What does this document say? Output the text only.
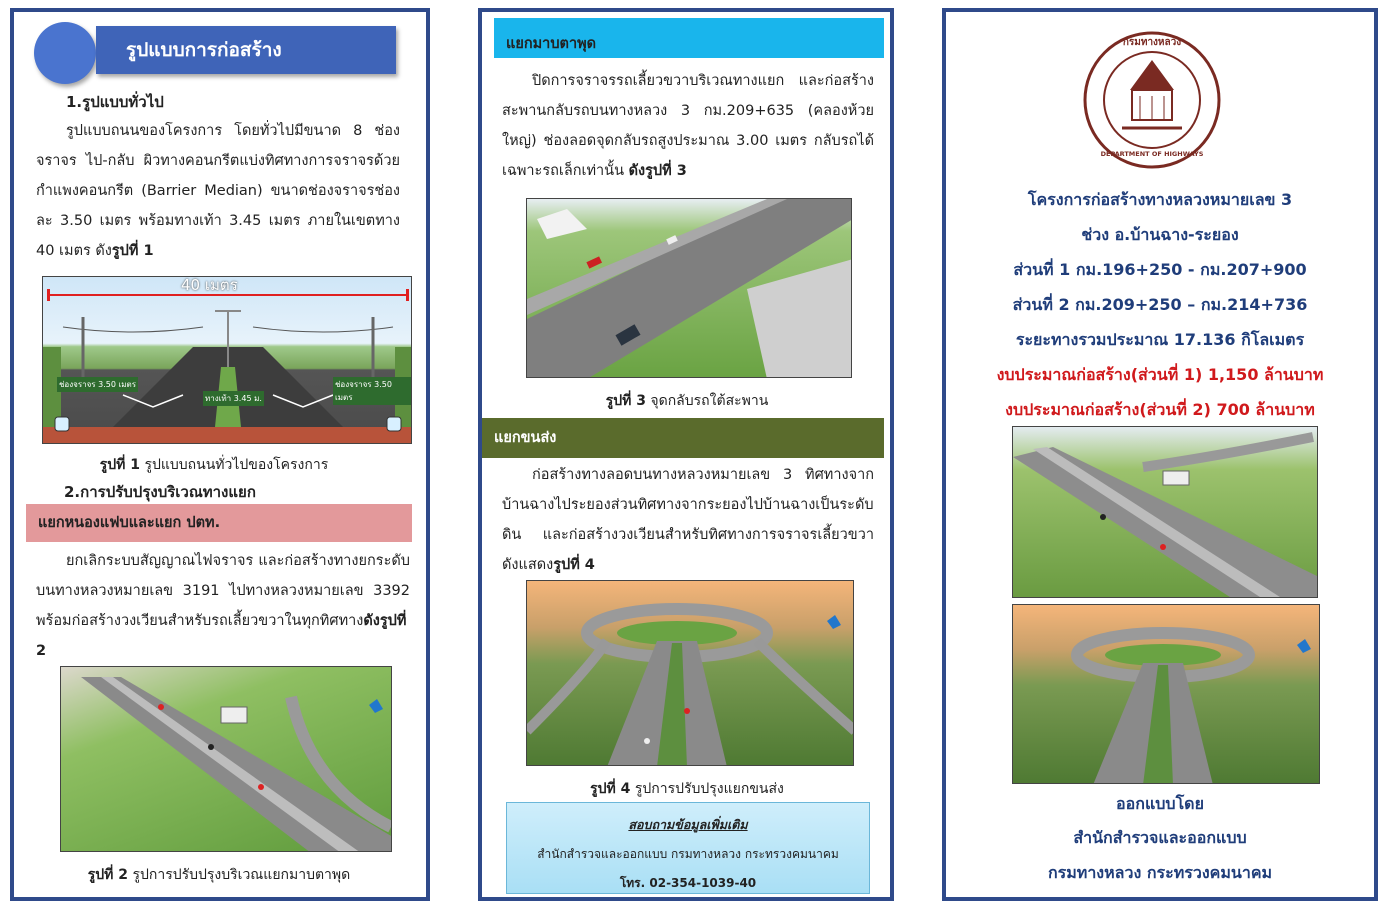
รูปแบบการก่อสร้าง
1.รูปแบบทั่วไป
รูปแบบถนนของโครงการ โดยทั่วไปมีขนาด 8 ช่องจราจร ไป-กลับ ผิวทางคอนกรีตแบ่งทิศทางการจราจรด้วยกำแพงคอนกรีต (Barrier Median) ขนาดช่องจราจรช่องละ 3.50 เมตร พร้อมทางเท้า 3.45 เมตร ภายในเขตทาง 40 เมตร ดังรูปที่ 1
40 เมตร
ช่องจราจร 3.50 เมตร	ช่องจราจร 3.50 เมตร
ทางเท้า 3.45 ม.
รูปที่ 1 รูปแบบถนนทั่วไปของโครงการ
2.การปรับปรุงบริเวณทางแยก
แยกหนองแฟบและแยก ปตท.
ยกเลิกระบบสัญญาณไฟจราจร และก่อสร้างทางยกระดับบนทางหลวงหมายเลข 3191 ไปทางหลวงหมายเลข 3392 พร้อมก่อสร้างวงเวียนสำหรับรถเลี้ยวขวาในทุกทิศทางดังรูปที่ 2
รูปที่ 2 รูปการปรับปรุงบริเวณแยกมาบตาพุด
แยกมาบตาพุด
ปิดการจราจรรถเลี้ยวขวาบริเวณทางแยก และก่อสร้างสะพานกลับรถบนทางหลวง 3 กม.209+635 (คลองห้วยใหญ่) ช่องลอดจุดกลับรถสูงประมาณ 3.00 เมตร กลับรถได้เฉพาะรถเล็กเท่านั้น ดังรูปที่ 3
รูปที่ 3 จุดกลับรถใต้สะพาน
แยกขนส่ง
ก่อสร้างทางลอดบนทางหลวงหมายเลข 3 ทิศทางจากบ้านฉางไประยองส่วนทิศทางจากระยองไปบ้านฉางเป็นระดับดิน และก่อสร้างวงเวียนสำหรับทิศทางการจราจรเลี้ยวขวา ดังแสดงรูปที่ 4
รูปที่ 4 รูปการปรับปรุงแยกขนส่ง
สอบถามข้อมูลเพิ่มเติม
สำนักสำรวจและออกแบบ กรมทางหลวง กระทรวงคมนาคม
โทร. 02-354-1039-40
กรมทางหลวง
DEPARTMENT OF HIGHWAYS
โครงการก่อสร้างทางหลวงหมายเลข 3
ช่วง อ.บ้านฉาง-ระยอง
ส่วนที่ 1 กม.196+250 - กม.207+900
ส่วนที่ 2 กม.209+250 – กม.214+736
ระยะทางรวมประมาณ 17.136 กิโลเมตร
งบประมาณก่อสร้าง(ส่วนที่ 1) 1,150 ล้านบาท
งบประมาณก่อสร้าง(ส่วนที่ 2) 700 ล้านบาท
ออกแบบโดย
สำนักสำรวจและออกแบบ
กรมทางหลวง กระทรวงคมนาคม
